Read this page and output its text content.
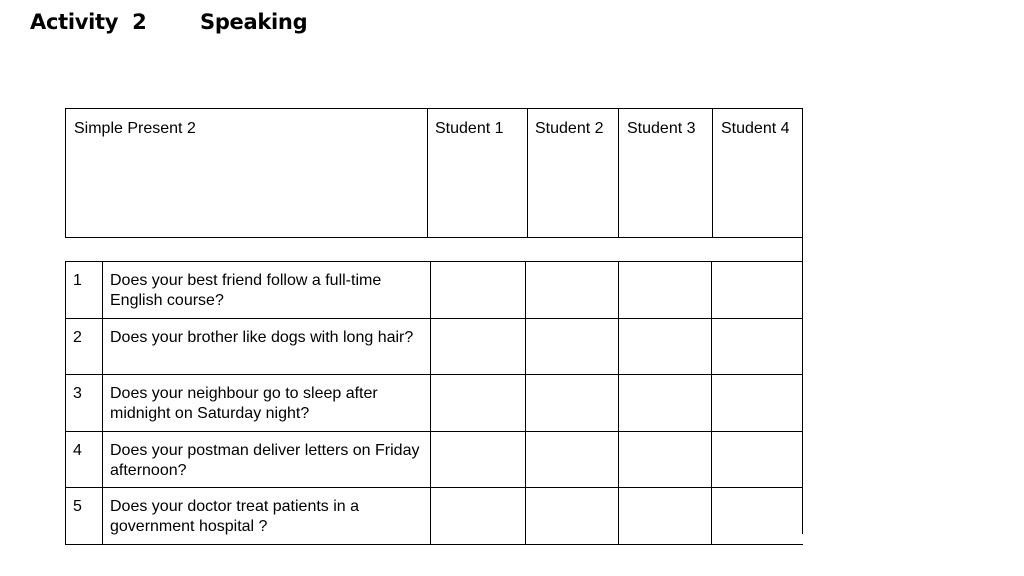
Activity  2	Speaking
Simple Present 2	Student 1	Student 2	Student 3	Student 4
1 Does your best friend follow a full-time English course?
2 Does your brother like dogs with long hair?
3 Does your neighbour go to sleep after midnight on Saturday night?
4 Does your postman deliver letters on Friday afternoon?
5 Does your doctor treat patients in a government hospital ?
